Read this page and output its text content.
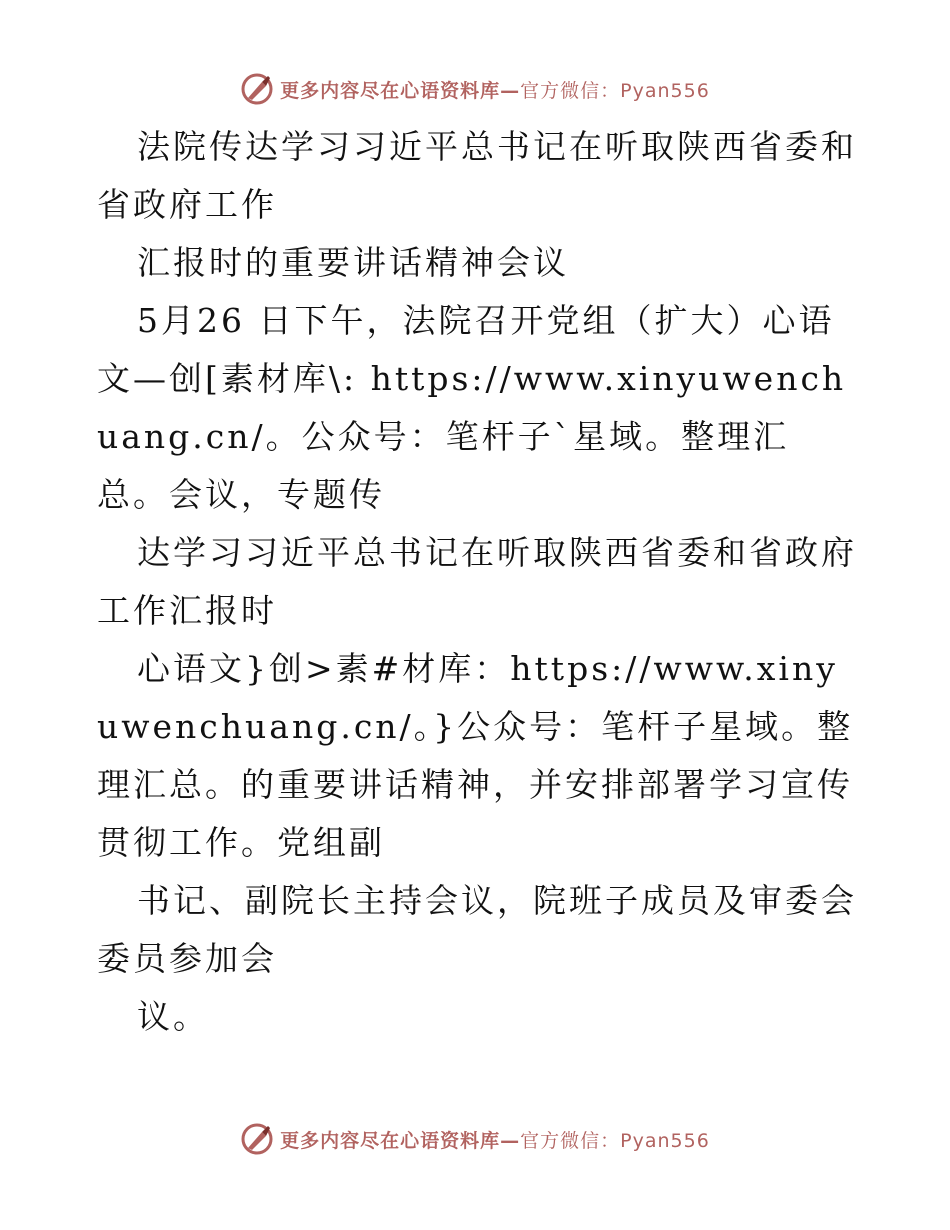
更多内容尽在心语资料库—官方微信：Pyan556

法院传达学习习近平总书记在听取陕西省委和省政府工作

汇报时的重要讲话精神会议

5月26 日下午，法院召开党组（扩大）心语文—创[素材库\: https://www.xinyuwenchuang.cn/。公众号：笔杆子`星域。整理汇总。会议，专题传

达学习习近平总书记在听取陕西省委和省政府工作汇报时

心语文}创>素#材库：https://www.xinyuwenchuang.cn/。}公众号：笔杆子星域。整理汇总。的重要讲话精神，并安排部署学习宣传贯彻工作。党组副

书记、副院长主持会议，院班子成员及审委会委员参加会

议。

更多内容尽在心语资料库—官方微信：Pyan556
